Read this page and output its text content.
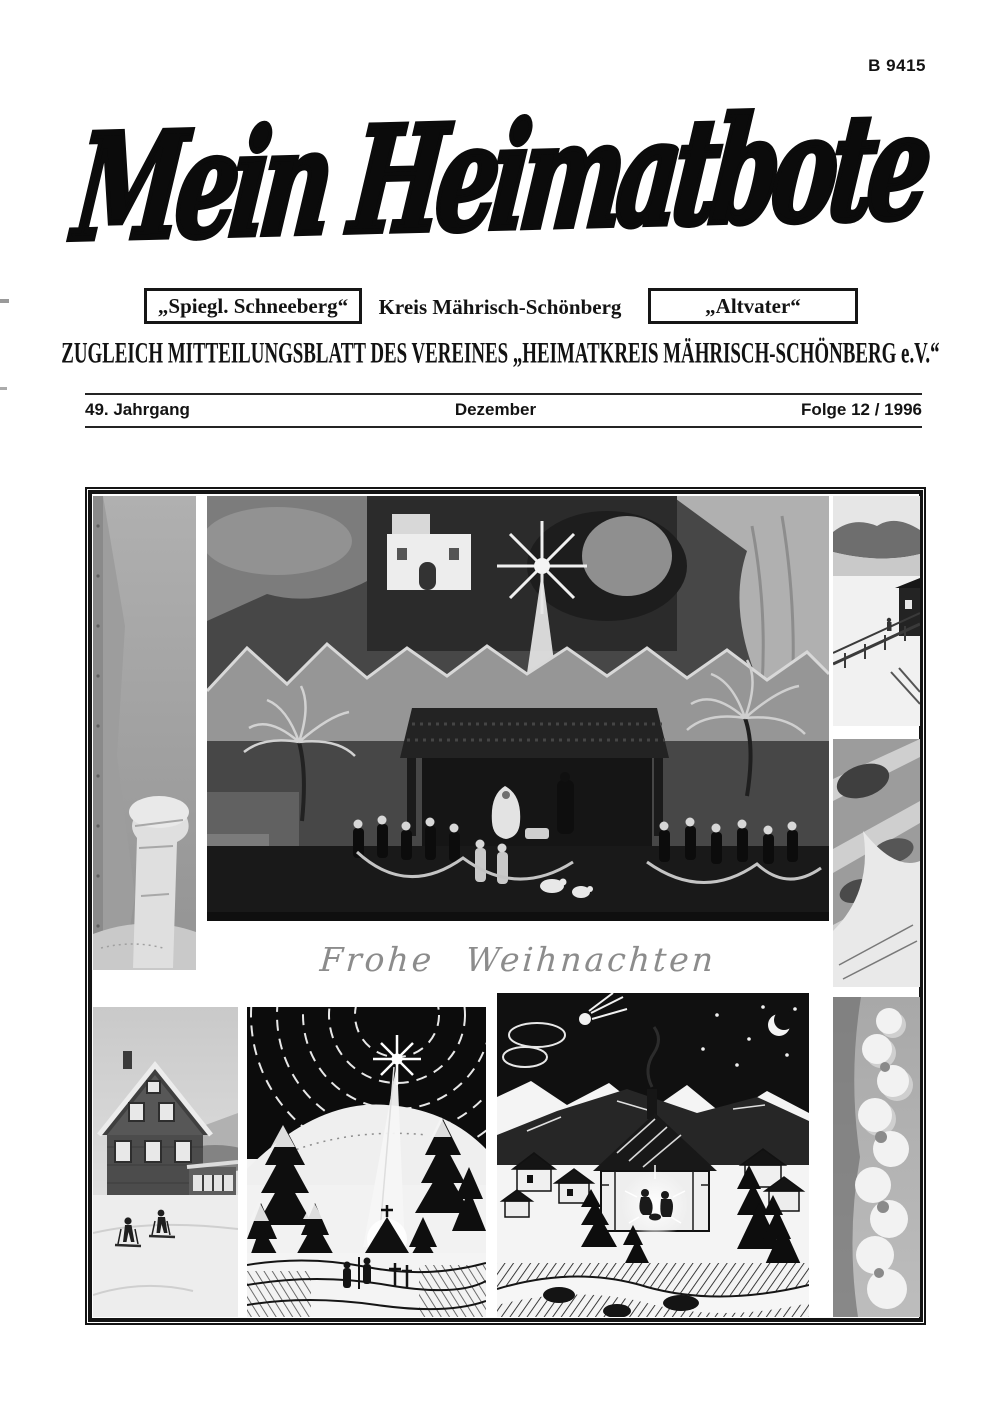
B 9415
Mein Heimatbote
„Spiegl. Schneeberg“	Kreis Mährisch-Schönberg	„Altvater“
ZUGLEICH MITTEILUNGSBLATT DES VEREINES „HEIMATKREIS MÄHRISCH-SCHÖNBERG e.V.“
49. Jahrgang	Dezember	Folge 12 / 1996
Frohe Weihnachten
